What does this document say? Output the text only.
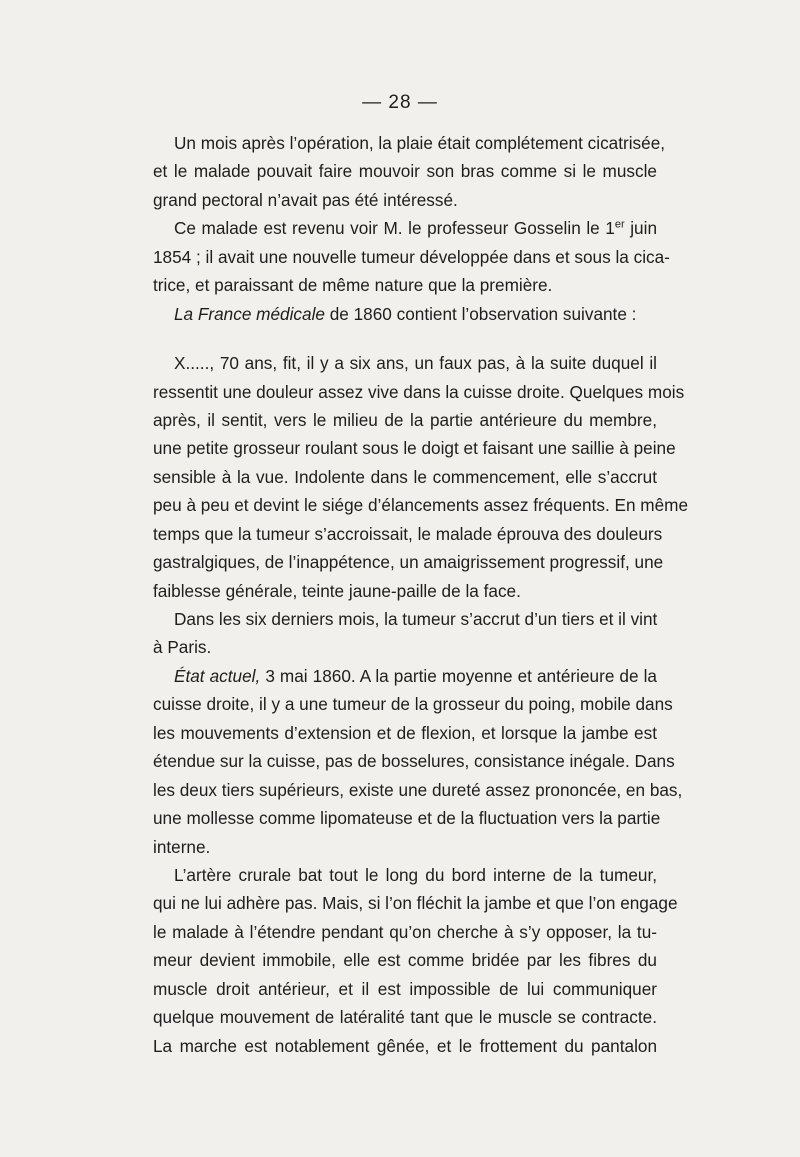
— 28 —
Un mois après l’opération, la plaie était complétement cicatrisée,
et le malade pouvait faire mouvoir son bras comme si le muscle
grand pectoral n’avait pas été intéressé.
Ce malade est revenu voir M. le professeur Gosselin le 1er juin
1854 ; il avait une nouvelle tumeur développée dans et sous la cica-
trice, et paraissant de même nature que la première.
La France médicale de 1860 contient l’observation suivante :
X....., 70 ans, fit, il y a six ans, un faux pas, à la suite duquel il
ressentit une douleur assez vive dans la cuisse droite. Quelques mois
après, il sentit, vers le milieu de la partie antérieure du membre,
une petite grosseur roulant sous le doigt et faisant une saillie à peine
sensible à la vue. Indolente dans le commencement, elle s’accrut
peu à peu et devint le siége d’élancements assez fréquents. En même
temps que la tumeur s’accroissait, le malade éprouva des douleurs
gastralgiques, de l’inappétence, un amaigrissement progressif, une
faiblesse générale, teinte jaune-paille de la face.
Dans les six derniers mois, la tumeur s’accrut d’un tiers et il vint
à Paris.
État actuel, 3 mai 1860. A la partie moyenne et antérieure de la
cuisse droite, il y a une tumeur de la grosseur du poing, mobile dans
les mouvements d’extension et de flexion, et lorsque la jambe est
étendue sur la cuisse, pas de bosselures, consistance inégale. Dans
les deux tiers supérieurs, existe une dureté assez prononcée, en bas,
une mollesse comme lipomateuse et de la fluctuation vers la partie
interne.
L’artère crurale bat tout le long du bord interne de la tumeur,
qui ne lui adhère pas. Mais, si l’on fléchit la jambe et que l’on engage
le malade à l’étendre pendant qu’on cherche à s’y opposer, la tu-
meur devient immobile, elle est comme bridée par les fibres du
muscle droit antérieur, et il est impossible de lui communiquer
quelque mouvement de latéralité tant que le muscle se contracte.
La marche est notablement gênée, et le frottement du pantalon
